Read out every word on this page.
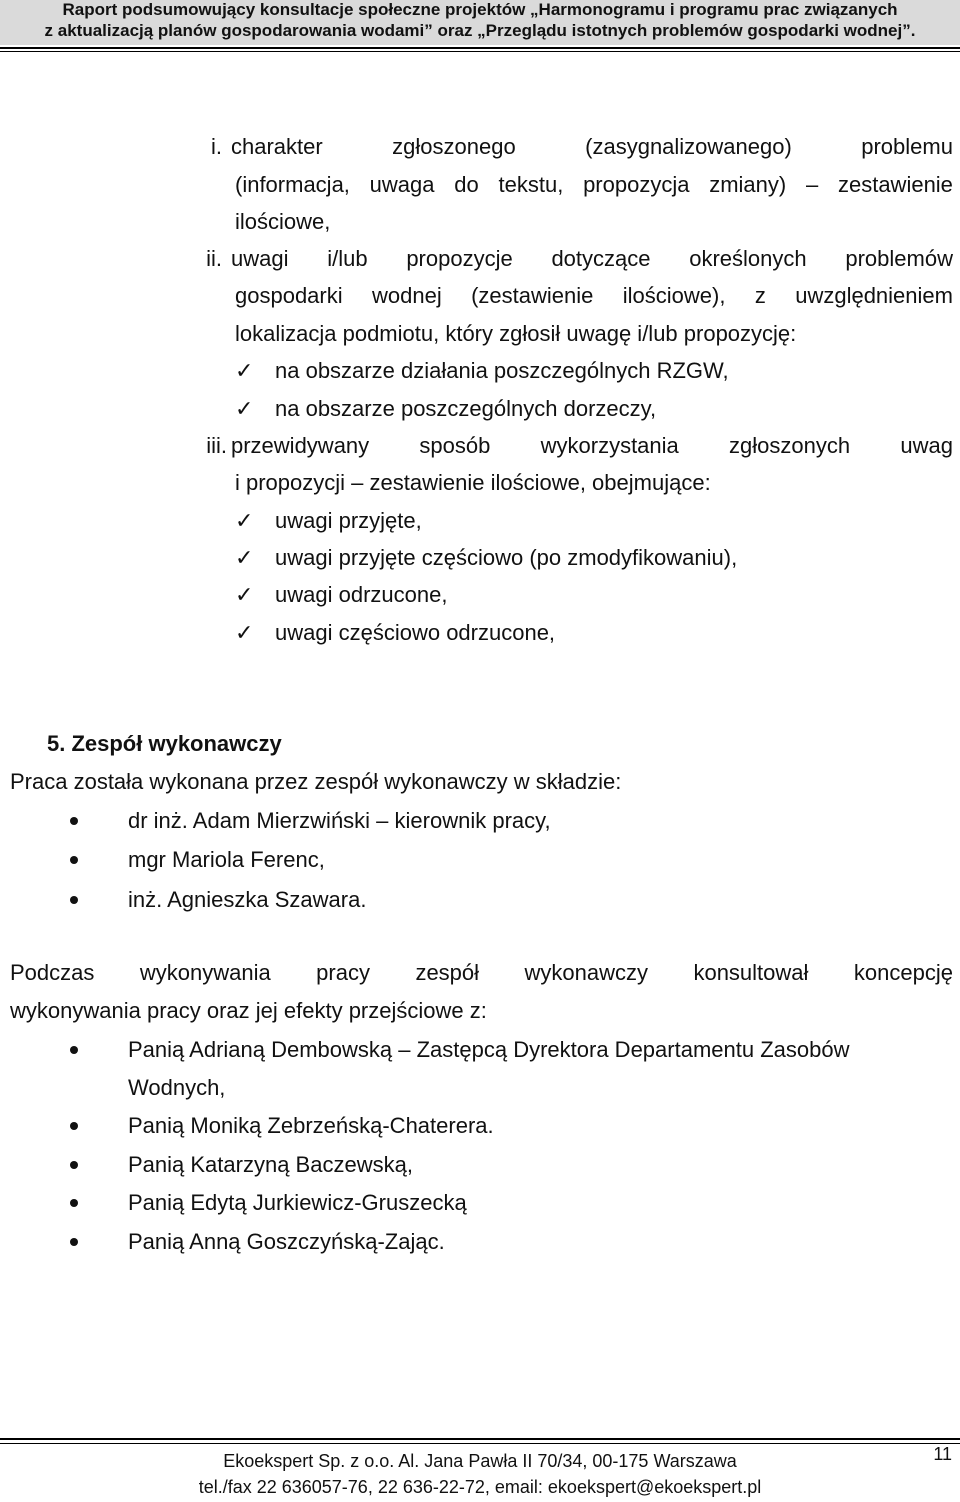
Raport podsumowujący konsultacje społeczne projektów „Harmonogramu i programu prac związanych
z aktualizacją planów gospodarowania wodami” oraz „Przeglądu istotnych problemów gospodarki wodnej”.
i. charakter	zgłoszonego	(zasygnalizowanego)	problemu
(informacja, uwaga do tekstu, propozycja zmiany) – zestawienie
ilościowe,
ii. uwagi i/lub propozycje dotyczące określonych problemów
gospodarki wodnej (zestawienie ilościowe), z uwzględnieniem
lokalizacja podmiotu, który zgłosił uwagę i/lub propozycję:
✓ na obszarze działania poszczególnych RZGW,
✓ na obszarze poszczególnych dorzeczy,
iii. przewidywany sposób wykorzystania zgłoszonych uwag
i propozycji – zestawienie ilościowe, obejmujące:
✓ uwagi przyjęte,
✓ uwagi przyjęte częściowo (po zmodyfikowaniu),
✓ uwagi odrzucone,
✓ uwagi częściowo odrzucone,
5. Zespół wykonawczy
Praca została wykonana przez zespół wykonawczy w składzie:
dr inż. Adam Mierzwiński – kierownik pracy,
mgr Mariola Ferenc,
inż. Agnieszka Szawara.
Podczas wykonywania pracy zespół wykonawczy konsultował koncepcję
wykonywania pracy oraz jej efekty przejściowe z:
Panią Adrianą Dembowską – Zastępcą Dyrektora Departamentu Zasobów
Wodnych,
Panią Moniką Zebrzeńską-Chaterera.
Panią Katarzyną Baczewską,
Panią Edytą Jurkiewicz-Gruszecką
Panią Anną Goszczyńską-Zając.
Ekoekspert Sp. z o.o. Al. Jana Pawła II 70/34, 00-175 Warszawa
tel./fax 22 636057-76, 22 636-22-72, email: ekoekspert@ekoekspert.pl
11
